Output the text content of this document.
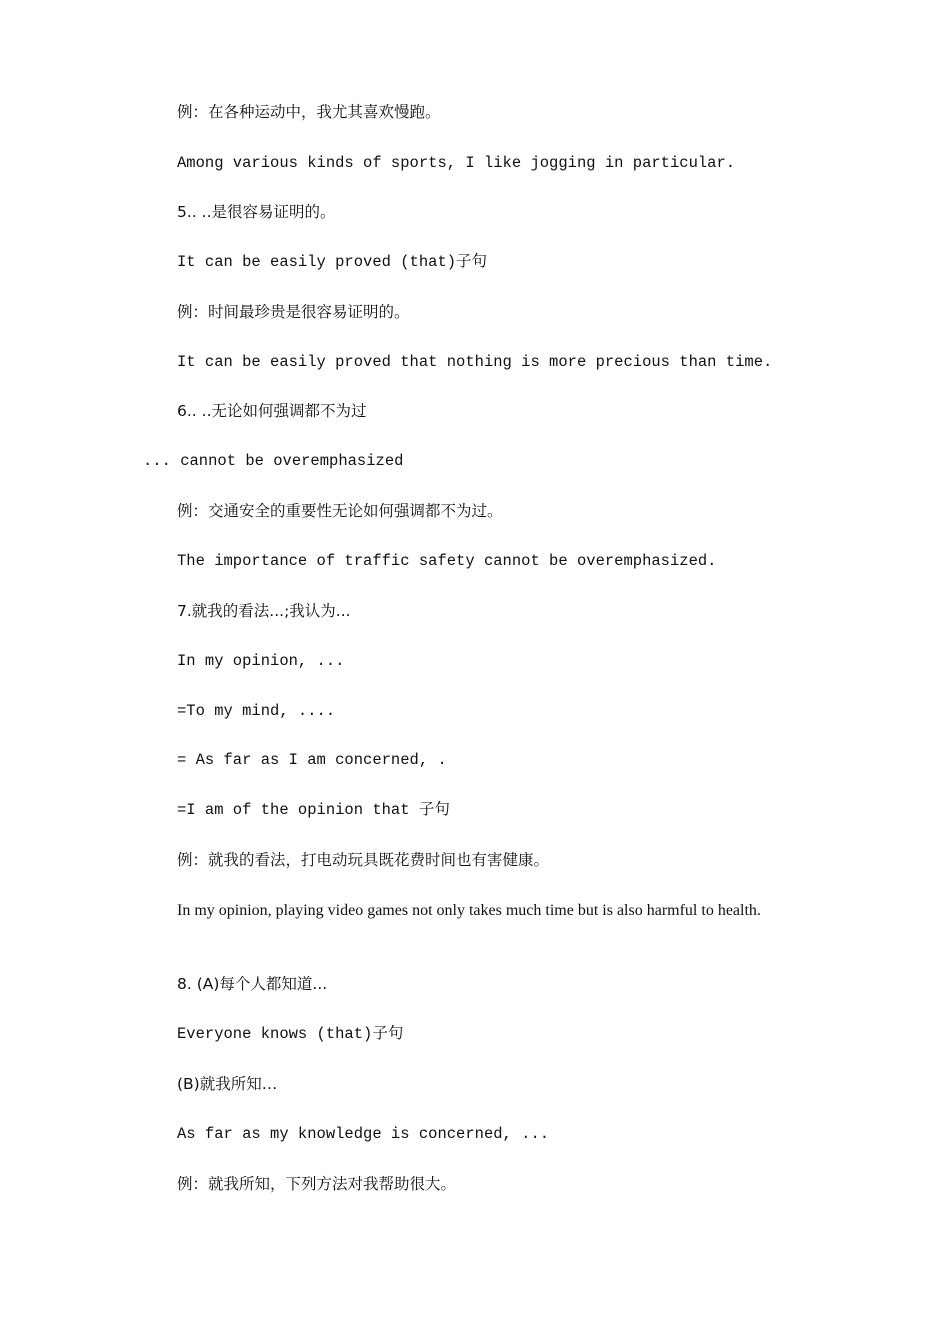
例：在各种运动中，我尤其喜欢慢跑。

Among various kinds of sports, I like jogging in particular.

5.. ..是很容易证明的。

It can be easily proved (that)子句

例：时间最珍贵是很容易证明的。

It can be easily proved that nothing is more precious than time.

6.. ..无论如何强调都不为过

... cannot be overemphasized

例：交通安全的重要性无论如何强调都不为过。

The importance of traffic safety cannot be overemphasized.

7.就我的看法...;我认为...

In my opinion, ...

=To my mind, ....

= As far as I am concerned, .

=I am of the opinion that 子句

例：就我的看法，打电动玩具既花费时间也有害健康。

In my opinion, playing video games not only takes much time but is also harmful to health.

8. (A)每个人都知道...

Everyone knows (that)子句

(B)就我所知…

As far as my knowledge is concerned, ...

例：就我所知，下列方法对我帮助很大。
